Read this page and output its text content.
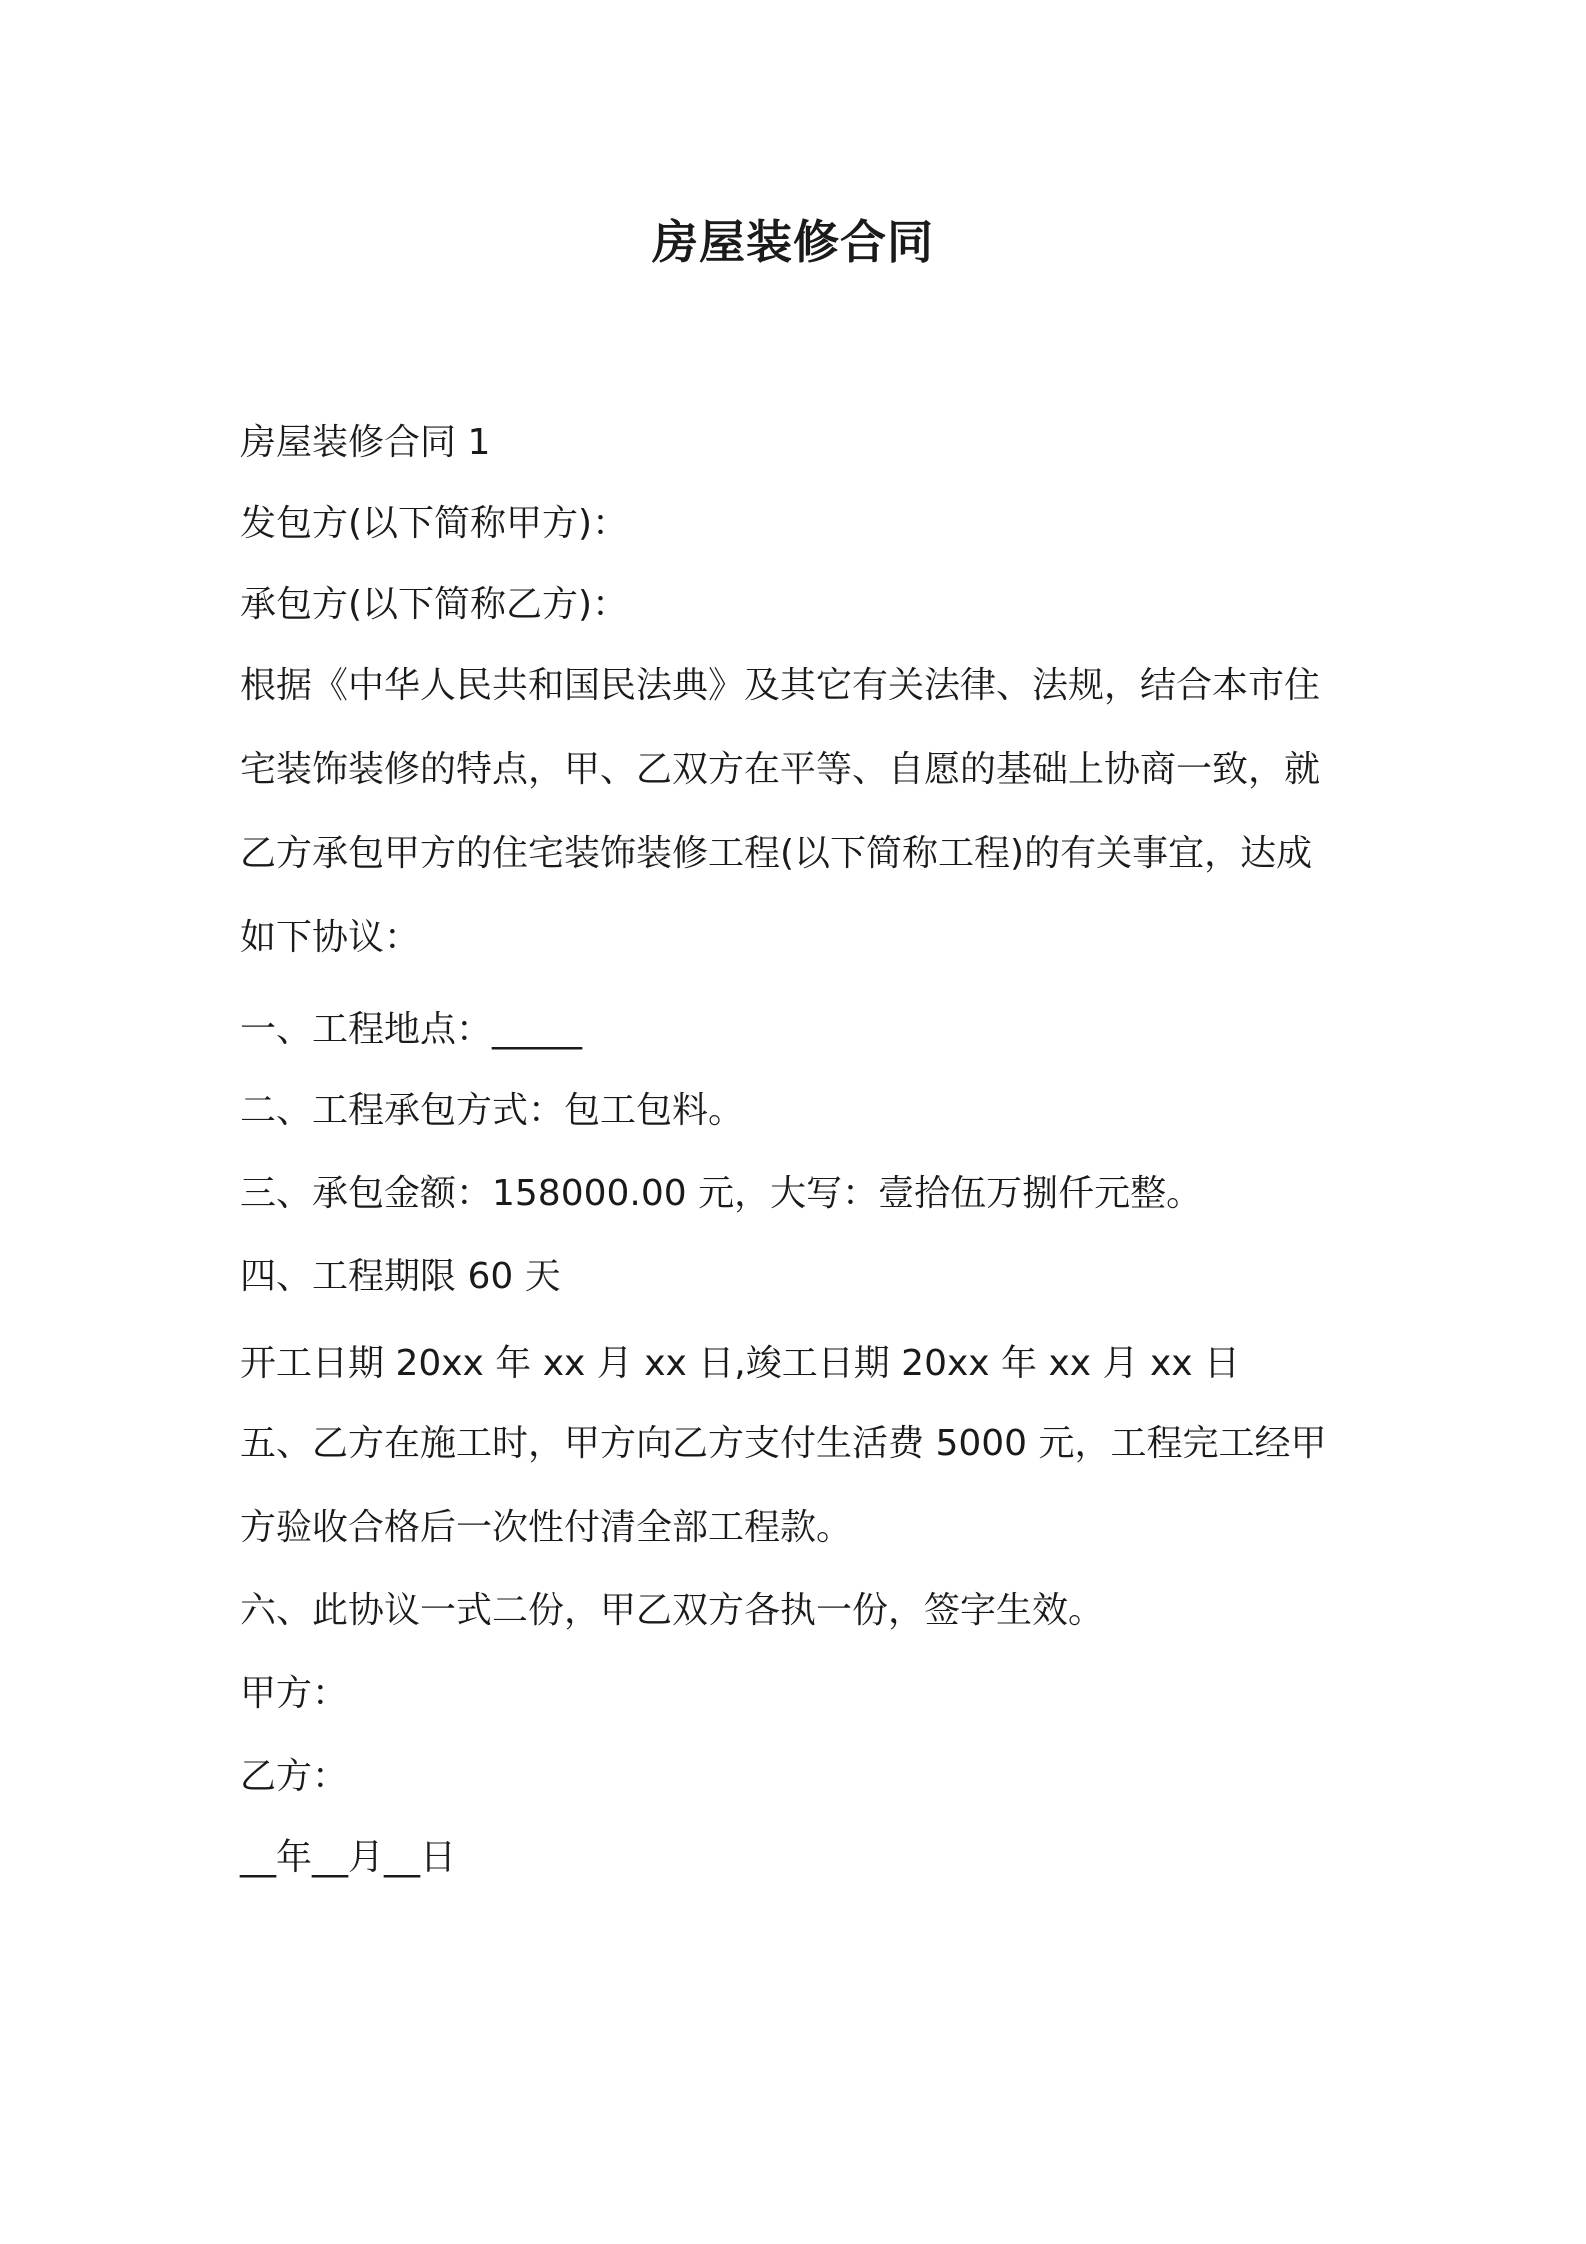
房屋装修合同
房屋装修合同 1
发包方(以下简称甲方)：
承包方(以下简称乙方)：
根据《中华人民共和国民法典》及其它有关法律、法规，结合本市住
宅装饰装修的特点，甲、乙双方在平等、自愿的基础上协商一致，就
乙方承包甲方的住宅装饰装修工程(以下简称工程)的有关事宜，达成
如下协议：
一、工程地点：_____
二、工程承包方式：包工包料。
三、承包金额：158000.00 元，大写：壹拾伍万捌仟元整。
四、工程期限 60 天
开工日期 20xx 年 xx 月 xx 日,竣工日期 20xx 年 xx 月 xx 日
五、乙方在施工时，甲方向乙方支付生活费 5000 元，工程完工经甲
方验收合格后一次性付清全部工程款。
六、此协议一式二份，甲乙双方各执一份，签字生效。
甲方：
乙方：
__年__月__日
